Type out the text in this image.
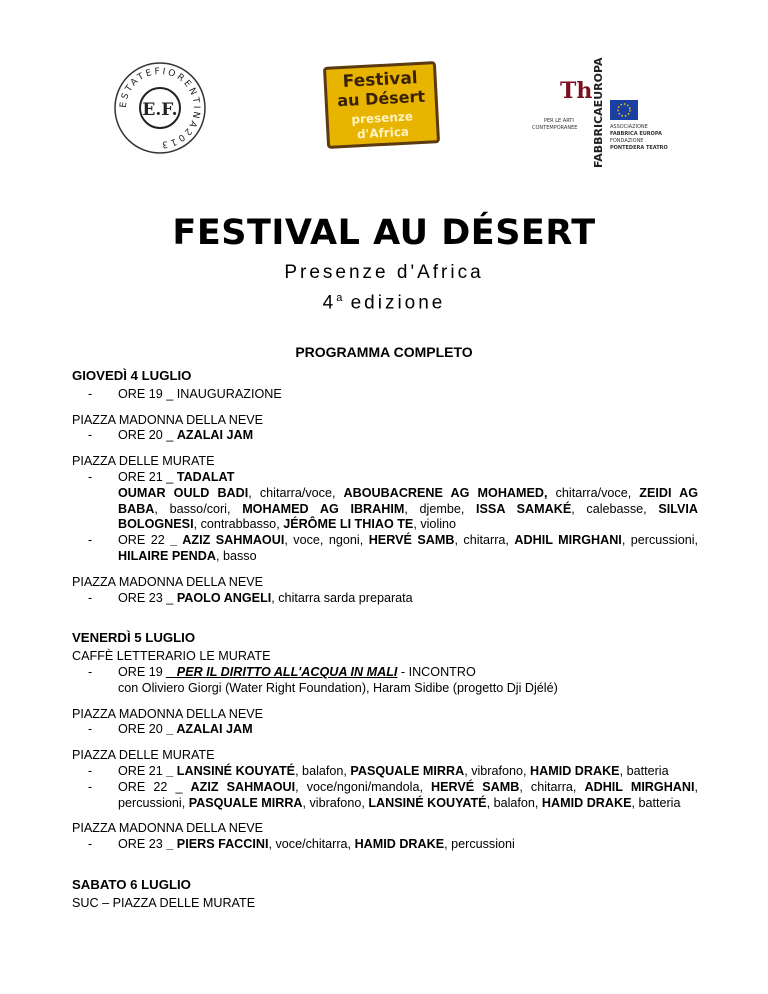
ESTATEFIORENTINA2013
E.F.
Festival
au Désert
presenze
d'Africa
Th
PER LE ARTI
CONTEMPORANEE FABBRICAEUROPA ASSOCIAZIONE
FABBRICA EUROPA
FONDAZIONE
PONTEDERA TEATRO
FESTIVAL AU DÉSERT
Presenze d'Africa
4$^a$ edizione
PROGRAMMA COMPLETO
GIOVEDÌ 4 LUGLIO
- ORE 19 _ INAUGURAZIONE
PIAZZA MADONNA DELLA NEVE
- ORE 20 _ AZALAI JAM
PIAZZA DELLE MURATE
- ORE 21 _ TADALAT
OUMAR OULD BADI, chitarra/voce, ABOUBACRENE AG MOHAMED, chitarra/voce, ZEIDI AG BABA, basso/cori, MOHAMED AG IBRAHIM, djembe, ISSA SAMAKÉ, calebasse, SILVIA BOLOGNESI, contrabbasso, JÉRÔME LI THIAO TE, violino
- ORE 22 _ AZIZ SAHMAOUI, voce, ngoni, HERVÉ SAMB, chitarra, ADHIL MIRGHANI, percussioni, HILAIRE PENDA, basso
PIAZZA MADONNA DELLA NEVE
- ORE 23 _ PAOLO ANGELI, chitarra sarda preparata
VENERDÌ 5 LUGLIO
CAFFÈ LETTERARIO LE MURATE
- ORE 19 _ PER IL DIRITTO ALL'ACQUA IN MALI - INCONTRO
con Oliviero Giorgi (Water Right Foundation), Haram Sidibe (progetto Dji Djélé)
PIAZZA MADONNA DELLA NEVE
- ORE 20 _ AZALAI JAM
PIAZZA DELLE MURATE
- ORE 21 _ LANSINÉ KOUYATÉ, balafon, PASQUALE MIRRA, vibrafono, HAMID DRAKE, batteria
- ORE 22 _ AZIZ SAHMAOUI, voce/ngoni/mandola, HERVÉ SAMB, chitarra, ADHIL MIRGHANI, percussioni, PASQUALE MIRRA, vibrafono, LANSINÉ KOUYATÉ, balafon, HAMID DRAKE, batteria
PIAZZA MADONNA DELLA NEVE
- ORE 23 _ PIERS FACCINI, voce/chitarra, HAMID DRAKE, percussioni
SABATO 6 LUGLIO
SUC – PIAZZA DELLE MURATE
